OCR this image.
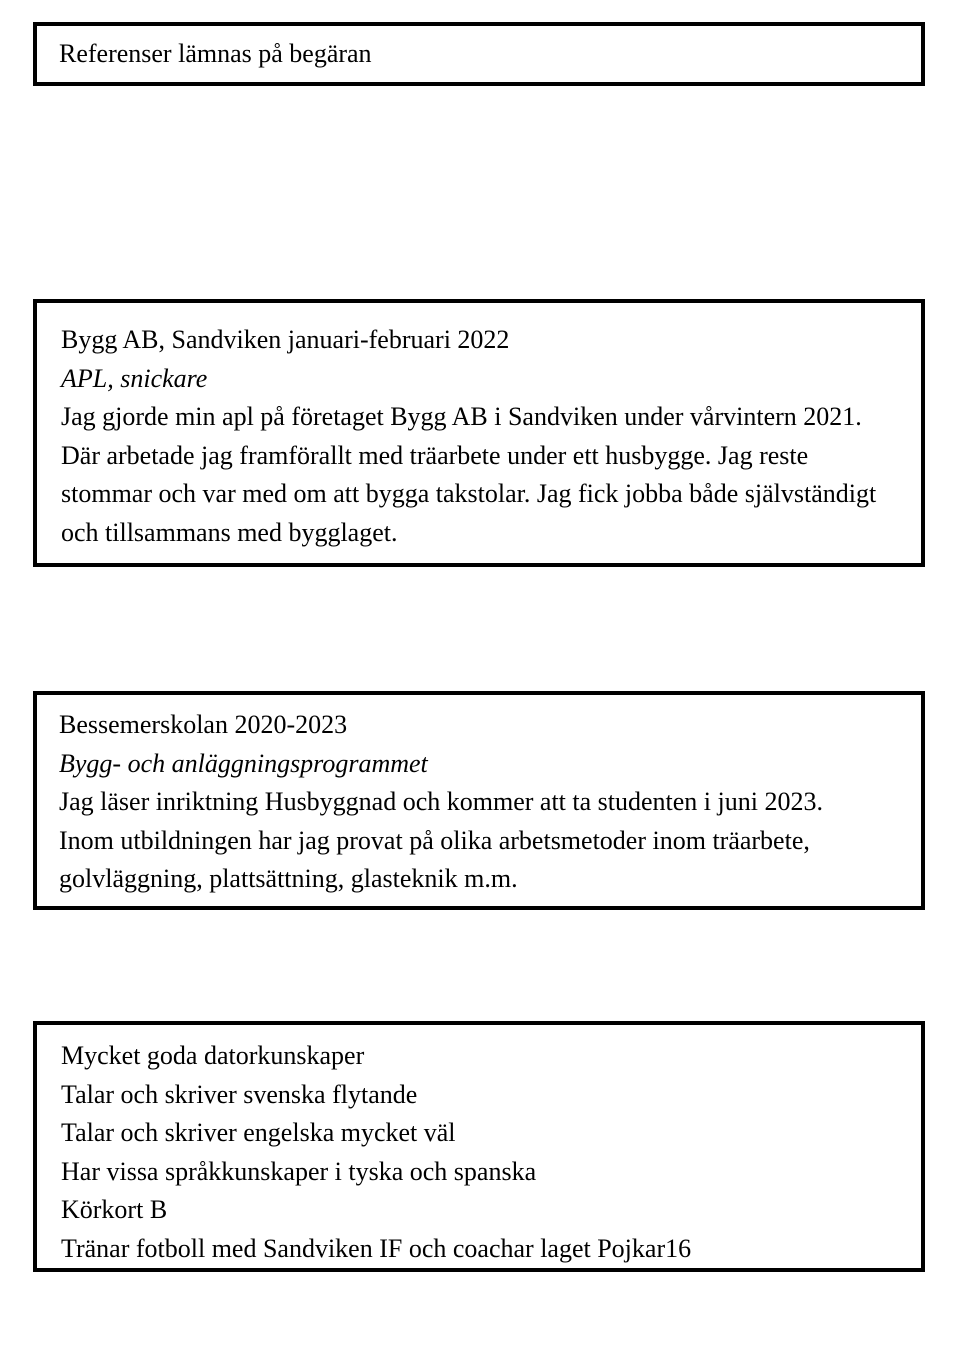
Referenser lämnas på begäran

Bygg AB, Sandviken januari-februari 2022

APL, snickare

Jag gjorde min apl på företaget Bygg AB i Sandviken under vårvintern 2021. Där arbetade jag framförallt med träarbete under ett husbygge. Jag reste stommar och var med om att bygga takstolar. Jag fick jobba både självständigt och tillsammans med bygglaget.

Bessemerskolan 2020-2023

Bygg- och anläggningsprogrammet

Jag läser inriktning Husbyggnad och kommer att ta studenten i juni 2023.

Inom utbildningen har jag provat på olika arbetsmetoder inom träarbete,

golvläggning, plattsättning, glasteknik m.m.

Mycket goda datorkunskaper

Talar och skriver svenska flytande

Talar och skriver engelska mycket väl

Har vissa språkkunskaper i tyska och spanska

Körkort B

Tränar fotboll med Sandviken IF och coachar laget Pojkar16
